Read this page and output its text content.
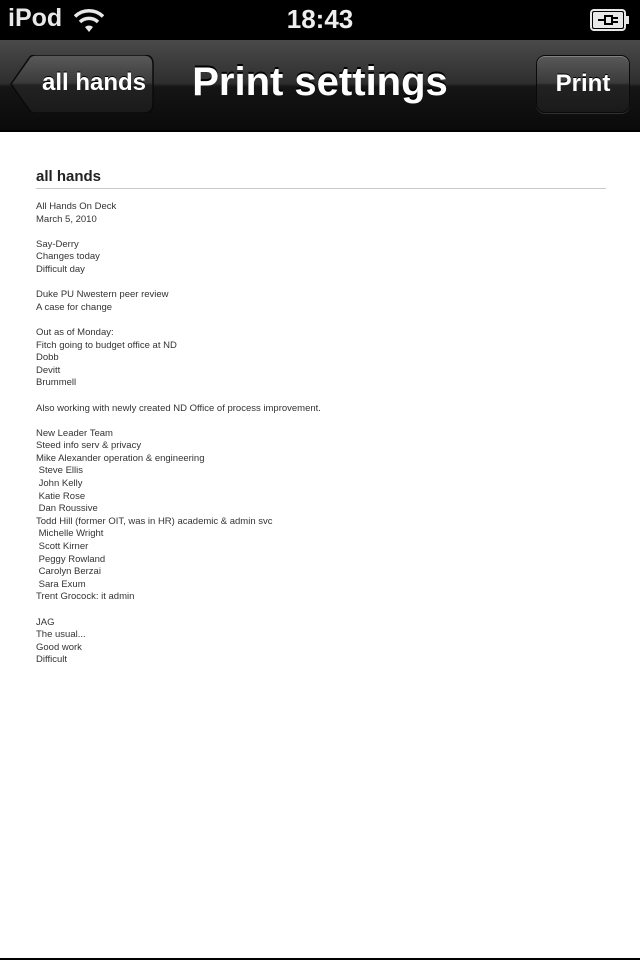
iPod	18:43
all hands	Print settings	Print
all hands
All Hands On Deck
March 5, 2010
Say-Derry
Changes today
Difficult day
Duke PU Nwestern peer review
A case for change
Out as of Monday:
Fitch going to budget office at ND
Dobb
Devitt
Brummell
Also working with newly created ND Office of process improvement.
New Leader Team
Steed info serv & privacy
Mike Alexander operation & engineering
Steve Ellis
John Kelly
Katie Rose
Dan Roussive
Todd Hill (former OIT, was in HR) academic & admin svc
Michelle Wright
Scott Kirner
Peggy Rowland
Carolyn Berzai
Sara Exum
Trent Grocock: it admin
JAG
The usual...
Good work
Difficult
